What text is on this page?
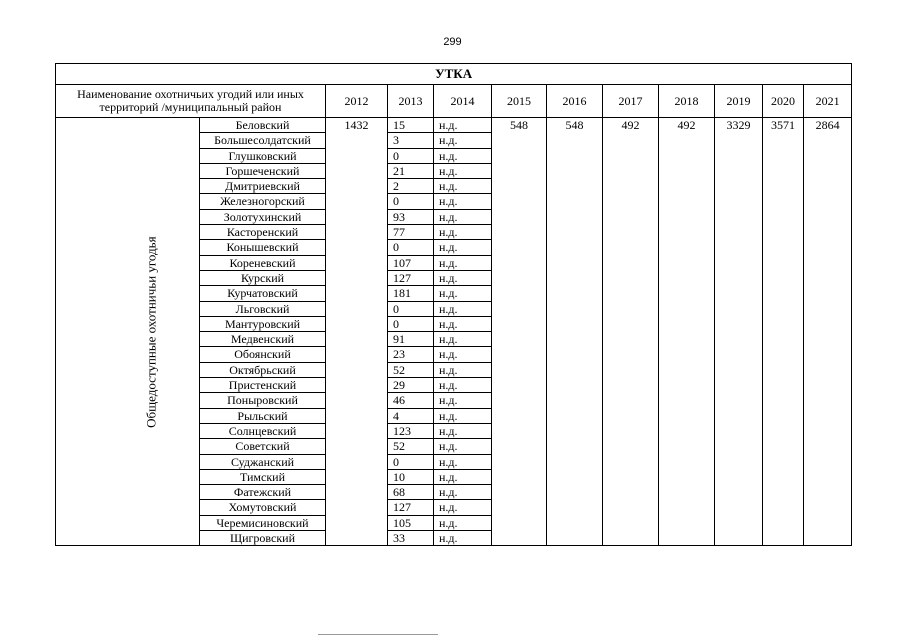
299
УТКА											
Наименование охотничьих угодий или иных территорий /муниципальный район		2012	2013	2014	2015	2016	2017	2018	2019	2020	2021
Общедоступные охотничьи угодья	Беловский	1432	15	н.д.	548	548	492	492	3329	3571	2864
	Большесолдатский		3	н.д.							
	Глушковский		0	н.д.							
	Горшеченский		21	н.д.							
	Дмитриевский		2	н.д.							
	Железногорский		0	н.д.							
	Золотухинский		93	н.д.							
	Касторенский		77	н.д.							
	Конышевский		0	н.д.							
	Кореневский		107	н.д.							
	Курский		127	н.д.							
	Курчатовский		181	н.д.							
	Льговский		0	н.д.							
	Мантуровский		0	н.д.							
	Медвенский		91	н.д.							
	Обоянский		23	н.д.							
	Октябрьский		52	н.д.							
	Пристенский		29	н.д.							
	Поныровский		46	н.д.							
	Рыльский		4	н.д.							
	Солнцевский		123	н.д.							
	Советский		52	н.д.							
	Суджанский		0	н.д.							
	Тимский		10	н.д.							
	Фатежский		68	н.д.							
	Хомутовский		127	н.д.							
	Черемисиновский		105	н.д.							
	Щигровский		33	н.д.							
